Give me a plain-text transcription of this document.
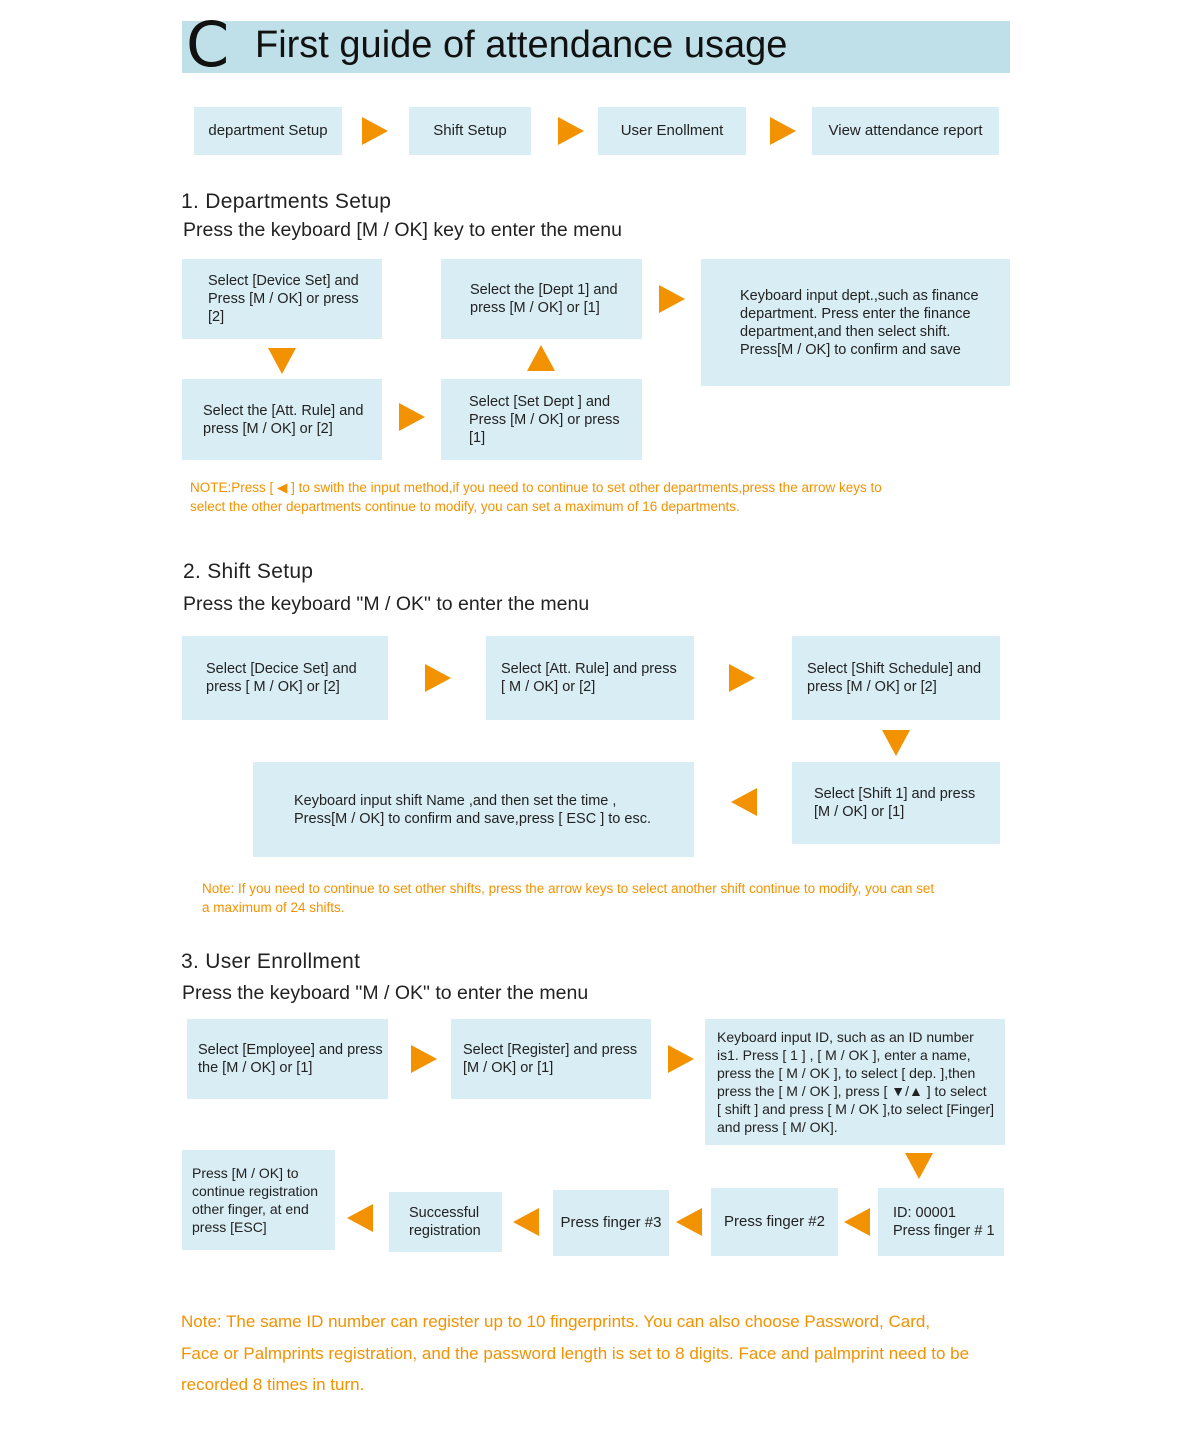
C First guide of attendance usage
department Setup	Shift Setup	User Enollment	View attendance report
1. Departments Setup
Press the keyboard [M / OK] key to enter the menu
Select [Device Set] and
Press [M / OK] or press
[2]
Select the [Att. Rule] and
press [M / OK] or [2]
Select [Set Dept ] and
Press [M / OK] or press
[1]
Select the [Dept 1] and
press [M / OK] or [1]
Keyboard input dept.,such as finance
department. Press enter the finance
department,and then select shift.
Press[M / OK] to confirm and save
NOTE:Press [ ◀ ] to swith the input method,if you need to continue to set other departments,press the arrow keys to
select the other departments continue to modify, you can set a maximum of 16 departments.
2. Shift Setup
Press the keyboard "M / OK" to enter the menu
Select [Decice Set] and
press [ M / OK] or [2]
Select [Att. Rule] and press
[ M / OK] or [2]
Select [Shift Schedule] and
press [M / OK] or [2]
Select [Shift 1] and press
[M / OK] or [1]
Keyboard input shift Name ,and then set the time ,
Press[M / OK] to confirm and save,press [ ESC ] to esc.
Note: If you need to continue to set other shifts, press the arrow keys to select another shift continue to modify, you can set
a maximum of 24 shifts.
3. User Enrollment
Press the keyboard "M / OK" to enter the menu
Select [Employee] and press
the [M / OK] or [1]
Select [Register] and press
[M / OK] or [1]
Keyboard input ID, such as an ID number
is1. Press [ 1 ] , [ M / OK ], enter a name,
press the [ M / OK ], to select [ dep. ],then
press the [ M / OK ], press [ ▼/▲ ] to select
[ shift ] and press [ M / OK ],to select [Finger]
and press [ M/ OK].
ID: 00001
Press finger # 1
Press finger #2
Press finger #3
Successful
registration
Press [M / OK] to
continue registration
other finger, at end
press [ESC]
Note: The same ID number can register up to 10 fingerprints. You can also choose Password, Card,
Face or Palmprints registration, and the password length is set to 8 digits. Face and palmprint need to be
recorded 8 times in turn.
